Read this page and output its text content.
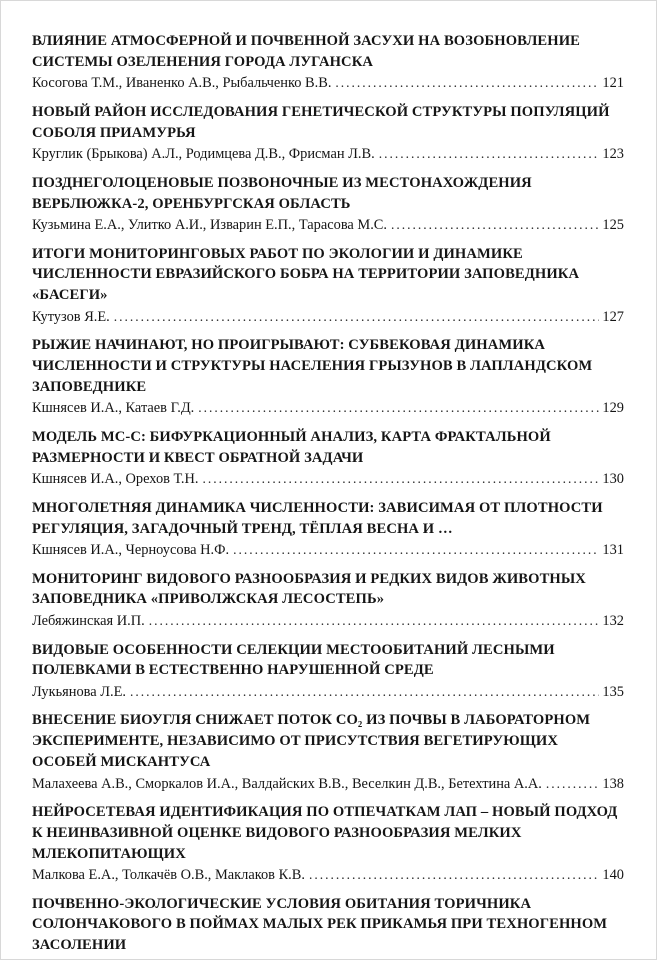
ВЛИЯНИЕ АТМОСФЕРНОЙ И ПОЧВЕННОЙ ЗАСУХИ НА ВОЗОБНОВЛЕНИЕ СИСТЕМЫ ОЗЕЛЕНЕНИЯ ГОРОДА ЛУГАНСКА
Косогова Т.М., Иваненко А.В., Рыбальченко В.В. .....	121
НОВЫЙ РАЙОН ИССЛЕДОВАНИЯ ГЕНЕТИЧЕСКОЙ СТРУКТУРЫ ПОПУЛЯЦИЙ СОБОЛЯ ПРИАМУРЬЯ
Круглик (Брыкова) А.Л., Родимцева Д.В., Фрисман Л.В. .....	123
ПОЗДНЕГОЛОЦЕНОВЫЕ ПОЗВОНОЧНЫЕ ИЗ МЕСТОНАХОЖДЕНИЯ ВЕРБЛЮЖКА-2, ОРЕНБУРГСКАЯ ОБЛАСТЬ
Кузьмина Е.А., Улитко А.И., Изварин Е.П., Тарасова М.С. .....	125
ИТОГИ МОНИТОРИНГОВЫХ РАБОТ ПО ЭКОЛОГИИ И ДИНАМИКЕ ЧИСЛЕННОСТИ ЕВРАЗИЙСКОГО БОБРА НА ТЕРРИТОРИИ ЗАПОВЕДНИКА «БАСЕГИ»
Кутузов Я.Е. .....	127
РЫЖИЕ НАЧИНАЮТ, НО ПРОИГРЫВАЮТ: СУБВЕКОВАЯ ДИНАМИКА ЧИСЛЕННОСТИ И СТРУКТУРЫ НАСЕЛЕНИЯ ГРЫЗУНОВ В ЛАПЛАНДСКОМ ЗАПОВЕДНИКЕ
Кшнясев И.А., Катаев Г.Д. .....	129
МОДЕЛЬ МС-С: БИФУРКАЦИОННЫЙ АНАЛИЗ, КАРТА ФРАКТАЛЬНОЙ РАЗМЕРНОСТИ И КВЕСТ ОБРАТНОЙ ЗАДАЧИ
Кшнясев И.А., Орехов Т.Н. .....	130
МНОГОЛЕТНЯЯ ДИНАМИКА ЧИСЛЕННОСТИ: ЗАВИСИМАЯ ОТ ПЛОТНОСТИ РЕГУЛЯЦИЯ, ЗАГАДОЧНЫЙ ТРЕНД, ТЁПЛАЯ ВЕСНА И …
Кшнясев И.А., Черноусова Н.Ф. .....	131
МОНИТОРИНГ ВИДОВОГО РАЗНООБРАЗИЯ И РЕДКИХ ВИДОВ ЖИВОТНЫХ ЗАПОВЕДНИКА «ПРИВОЛЖСКАЯ ЛЕСОСТЕПЬ»
Лебяжинская И.П. .....	132
ВИДОВЫЕ ОСОБЕННОСТИ СЕЛЕКЦИИ МЕСТООБИТАНИЙ ЛЕСНЫМИ ПОЛЕВКАМИ В ЕСТЕСТВЕННО НАРУШЕННОЙ СРЕДЕ
Лукьянова Л.Е. .....	135
ВНЕСЕНИЕ БИОУГЛЯ СНИЖАЕТ ПОТОК CO₂ ИЗ ПОЧВЫ В ЛАБОРАТОРНОМ ЭКСПЕРИМЕНТЕ, НЕЗАВИСИМО ОТ ПРИСУТСТВИЯ ВЕГЕТИРУЮЩИХ ОСОБЕЙ МИСКАНТУСА
Малахеева А.В., Сморкалов И.А., Валдайских В.В., Веселкин Д.В., Бетехтина А.А. .....	138
НЕЙРОСЕТЕВАЯ ИДЕНТИФИКАЦИЯ ПО ОТПЕЧАТКАМ ЛАП – НОВЫЙ ПОДХОД К НЕИНВАЗИВНОЙ ОЦЕНКЕ ВИДОВОГО РАЗНООБРАЗИЯ МЕЛКИХ МЛЕКОПИТАЮЩИХ
Малкова Е.А., Толкачёв О.В., Маклаков К.В. .....	140
ПОЧВЕННО-ЭКОЛОГИЧЕСКИЕ УСЛОВИЯ ОБИТАНИЯ ТОРИЧНИКА СОЛОНЧАКОВОГО В ПОЙМАХ МАЛЫХ РЕК ПРИКАМЬЯ ПРИ ТЕХНОГЕННОМ ЗАСОЛЕНИИ
.....
